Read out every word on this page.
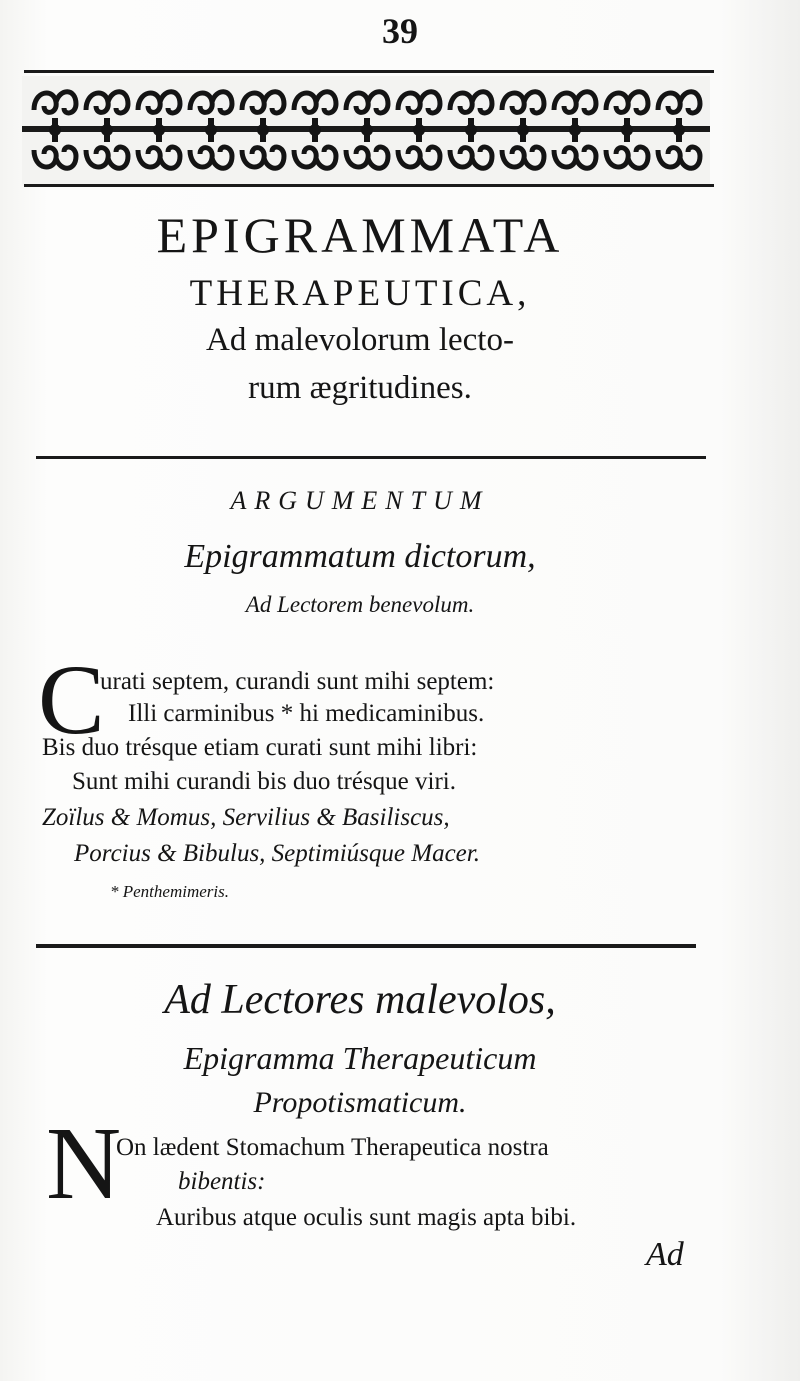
39
EPIGRAMMATA
THERAPEUTICA,
Ad malevolorum lecto-
rum ægritudines.
ARGUMENTUM
Epigrammatum dictorum,
Ad Lectorem benevolum.
C
urati septem, curandi sunt mihi septem:
Illi carminibus * hi medicaminibus.
Bis duo trésque etiam curati sunt mihi libri:
Sunt mihi curandi bis duo trésque viri.
Zoïlus & Momus, Servilius & Basiliscus,
Porcius & Bibulus, Septimiúsque Macer.
* Penthemimeris.
Ad Lectores malevolos,
Epigramma Therapeuticum
Propotismaticum.
N
On lædent Stomachum Therapeutica nostra
bibentis:
Auribus atque oculis sunt magis apta bibi.
Ad
